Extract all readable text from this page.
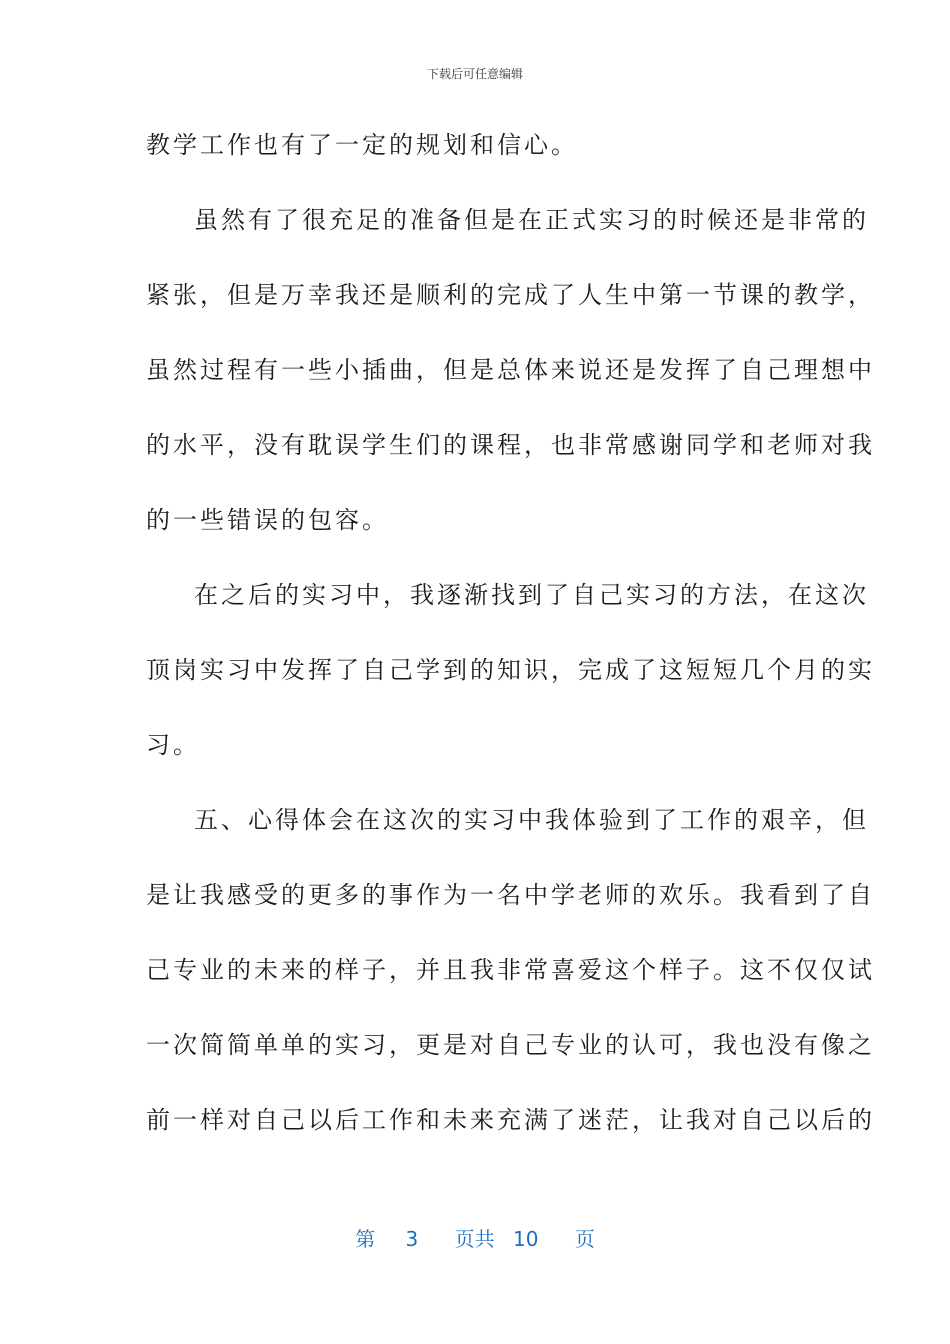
下载后可任意编辑
教学工作也有了一定的规划和信心。
虽然有了很充足的准备但是在正式实习的时候还是非常的
紧张，但是万幸我还是顺利的完成了人生中第一节课的教学，
虽然过程有一些小插曲，但是总体来说还是发挥了自己理想中
的水平，没有耽误学生们的课程，也非常感谢同学和老师对我
的一些错误的包容。
在之后的实习中，我逐渐找到了自己实习的方法，在这次
顶岗实习中发挥了自己学到的知识，完成了这短短几个月的实
习。
五、心得体会在这次的实习中我体验到了工作的艰辛，但
是让我感受的更多的事作为一名中学老师的欢乐。我看到了自
己专业的未来的样子，并且我非常喜爱这个样子。这不仅仅试
一次简简单单的实习，更是对自己专业的认可，我也没有像之
前一样对自己以后工作和未来充满了迷茫，让我对自己以后的
第 3 页共 10 页
